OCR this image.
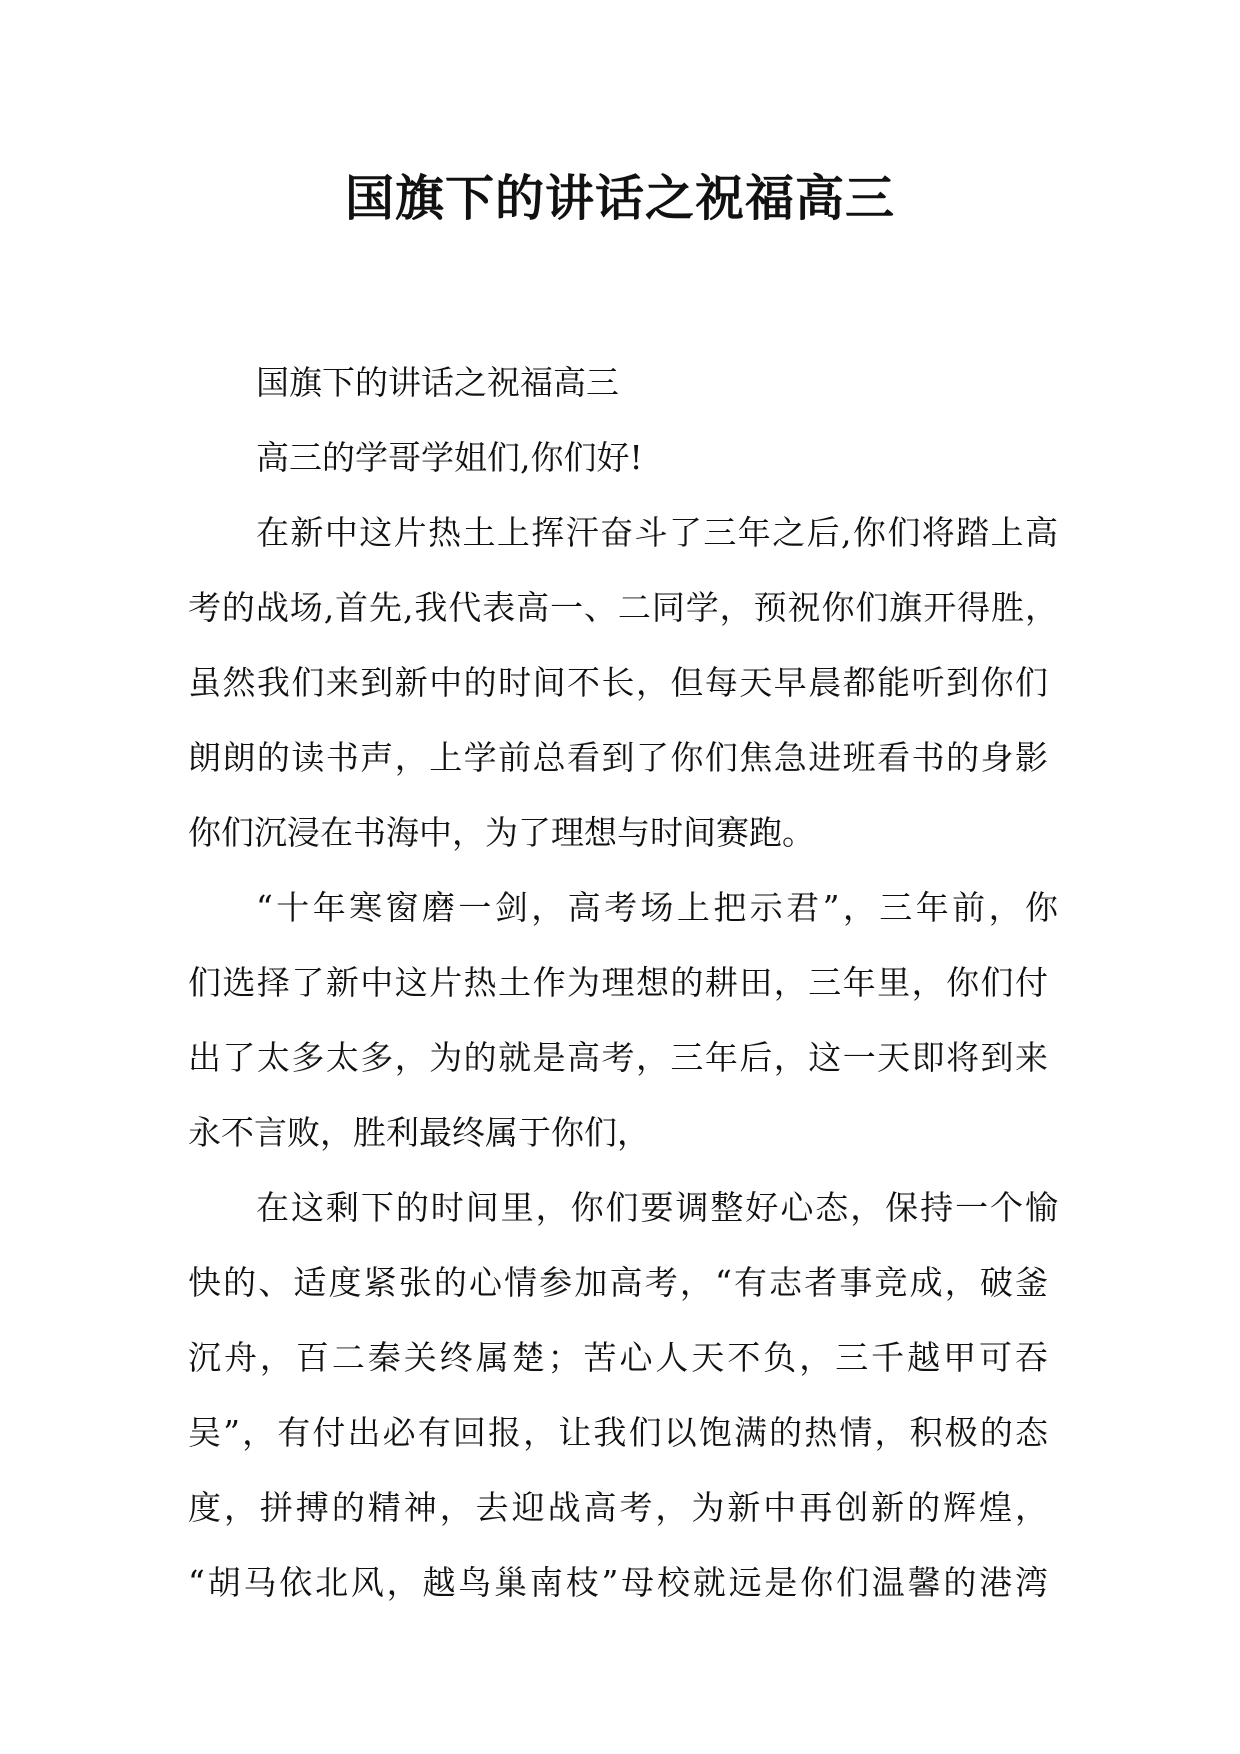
国旗下的讲话之祝福高三
国旗下的讲话之祝福高三
高三的学哥学姐们,你们好!
在新中这片热土上挥汗奋斗了三年之后,你们将踏上高
考的战场,首先,我代表高一、二同学，预祝你们旗开得胜，
虽然我们来到新中的时间不长，但每天早晨都能听到你们
朗朗的读书声，上学前总看到了你们焦急进班看书的身影
你们沉浸在书海中，为了理想与时间赛跑。
“十年寒窗磨一剑，高考场上把示君”，三年前，你
们选择了新中这片热土作为理想的耕田，三年里，你们付
出了太多太多，为的就是高考，三年后，这一天即将到来
永不言败，胜利最终属于你们，
在这剩下的时间里，你们要调整好心态，保持一个愉
快的、适度紧张的心情参加高考，“有志者事竞成，破釜
沉舟，百二秦关终属楚；苦心人天不负，三千越甲可吞
吴”，有付出必有回报，让我们以饱满的热情，积极的态
度，拼搏的精神，去迎战高考，为新中再创新的辉煌，
“胡马依北风，越鸟巢南枝”母校就远是你们温馨的港湾
